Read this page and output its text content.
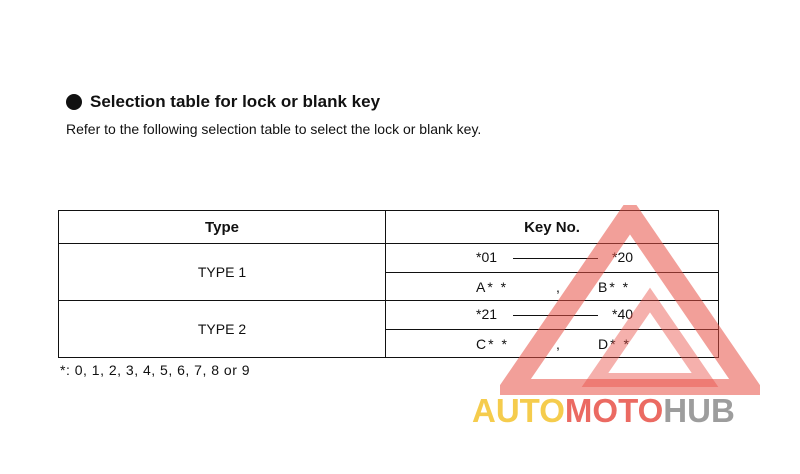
Selection table for lock or blank key
Refer to the following selection table to select the lock or blank key.
Type	Key No.
TYPE 1	*01 *20

	A* * , B* *

TYPE 2	*21 *40

	C* * , D* *
*: 0, 1, 2, 3, 4, 5, 6, 7, 8 or 9
AUTOMOTOHUB
